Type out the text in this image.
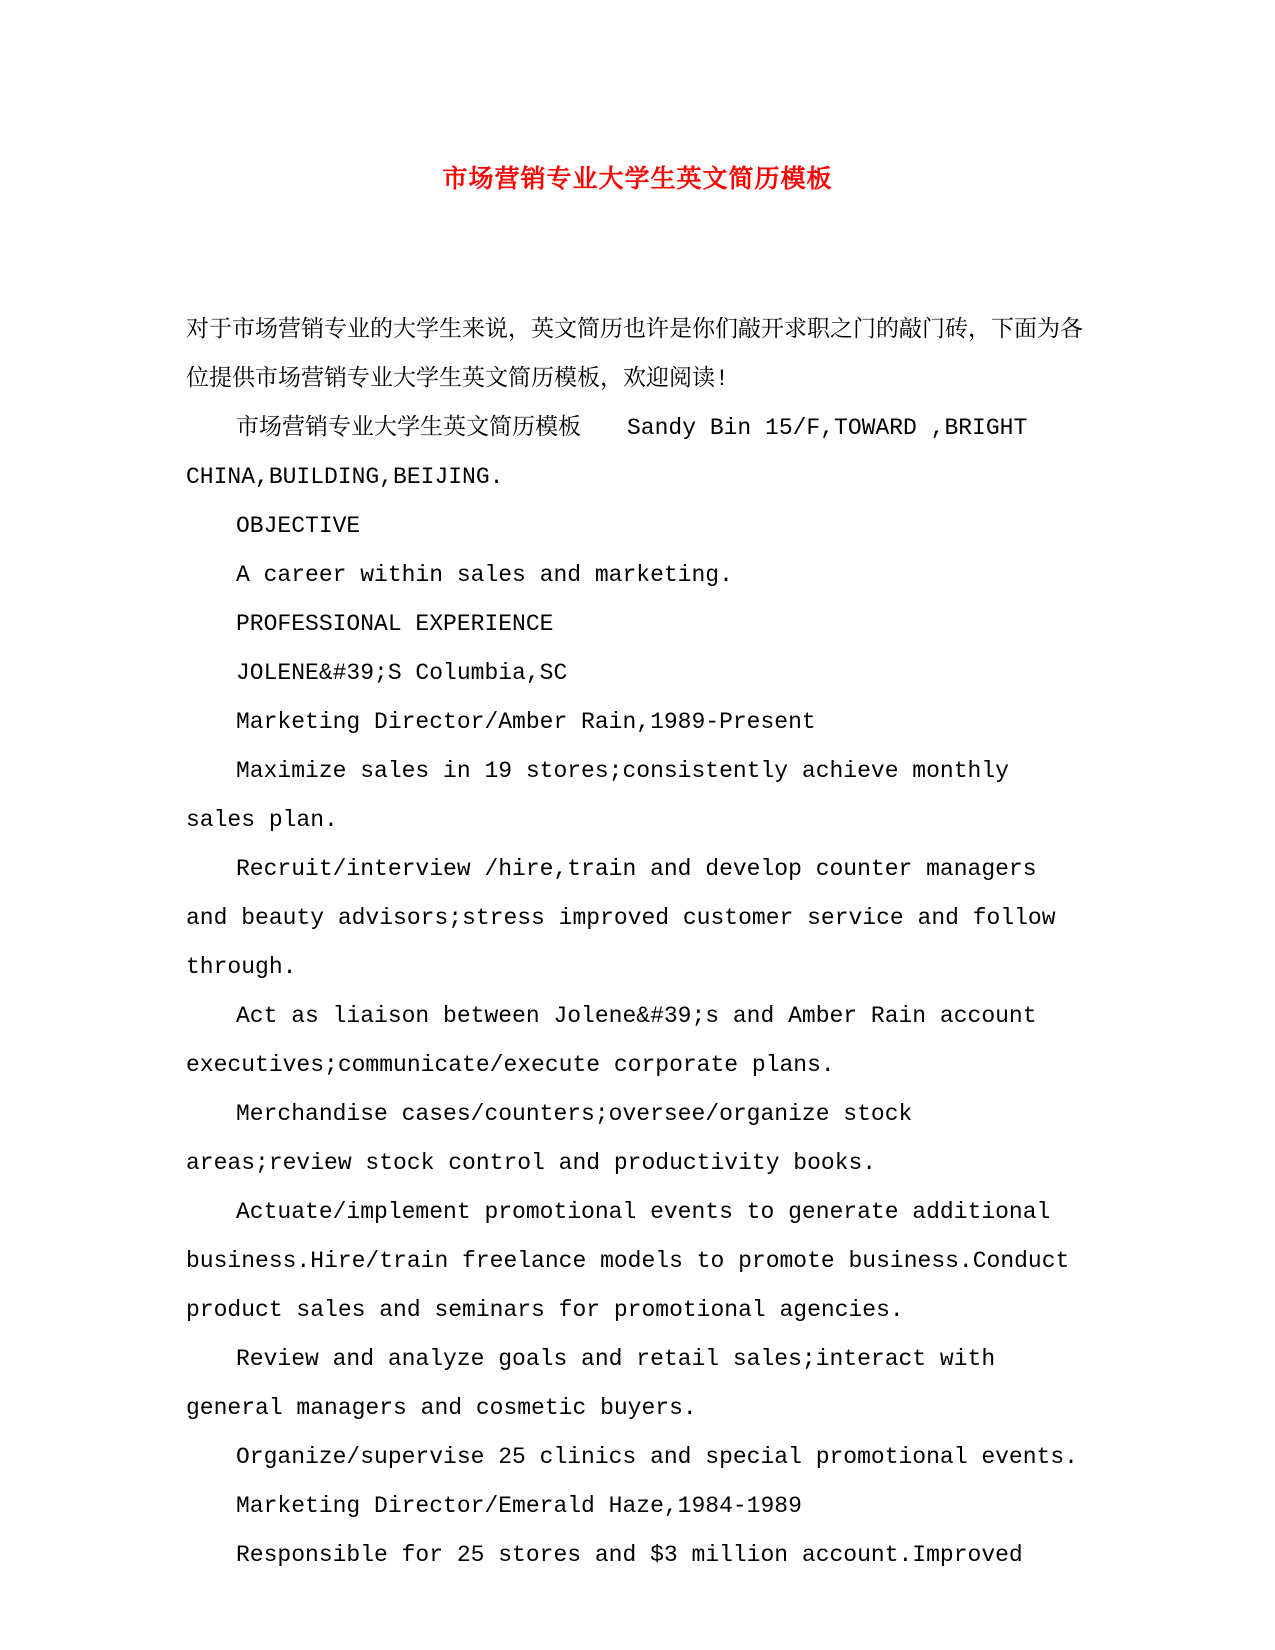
市场营销专业大学生英文简历模板

对于市场营销专业的大学生来说，英文简历也许是你们敲开求职之门的敲门砖，下面为各位提供市场营销专业大学生英文简历模板，欢迎阅读!

市场营销专业大学生英文简历模板 Sandy Bin 15/F,TOWARD ,BRIGHT CHINA,BUILDING,BEIJING.

OBJECTIVE

A career within sales and marketing.

PROFESSIONAL EXPERIENCE

JOLENE&#39;S Columbia,SC

Marketing Director/Amber Rain,1989-Present

Maximize sales in 19 stores;consistently achieve monthly sales plan.

Recruit/interview /hire,train and develop counter managers and beauty advisors;stress improved customer service and follow through.

Act as liaison between Jolene&#39;s and Amber Rain account executives;communicate/execute corporate plans.

Merchandise cases/counters;oversee/organize stock areas;review stock control and productivity books.

Actuate/implement promotional events to generate additional business.Hire/train freelance models to promote business.Conduct product sales and seminars for promotional agencies.

Review and analyze goals and retail sales;interact with general managers and cosmetic buyers.

Organize/supervise 25 clinics and special promotional events.

Marketing Director/Emerald Haze,1984-1989

Responsible for 25 stores and $3 million account.Improved
